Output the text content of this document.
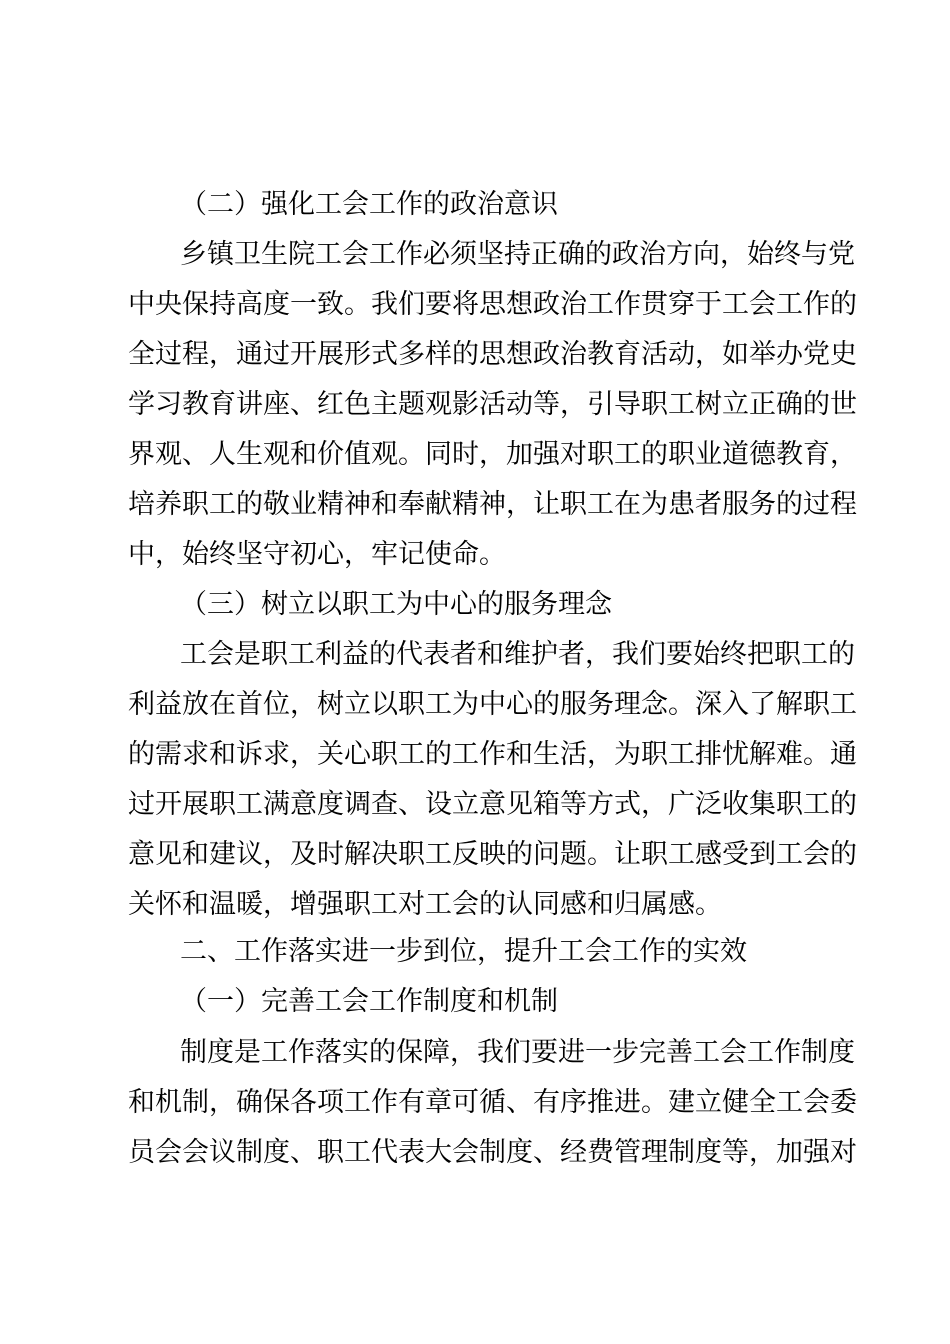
（二）强化工会工作的政治意识
乡镇卫生院工会工作必须坚持正确的政治方向，始终与党
中央保持高度一致。我们要将思想政治工作贯穿于工会工作的
全过程，通过开展形式多样的思想政治教育活动，如举办党史
学习教育讲座、红色主题观影活动等，引导职工树立正确的世
界观、人生观和价值观。同时，加强对职工的职业道德教育，
培养职工的敬业精神和奉献精神，让职工在为患者服务的过程
中，始终坚守初心，牢记使命。
（三）树立以职工为中心的服务理念
工会是职工利益的代表者和维护者，我们要始终把职工的
利益放在首位，树立以职工为中心的服务理念。深入了解职工
的需求和诉求，关心职工的工作和生活，为职工排忧解难。通
过开展职工满意度调查、设立意见箱等方式，广泛收集职工的
意见和建议，及时解决职工反映的问题。让职工感受到工会的
关怀和温暖，增强职工对工会的认同感和归属感。
二、工作落实进一步到位，提升工会工作的实效
（一）完善工会工作制度和机制
制度是工作落实的保障，我们要进一步完善工会工作制度
和机制，确保各项工作有章可循、有序推进。建立健全工会委
员会会议制度、职工代表大会制度、经费管理制度等，加强对
